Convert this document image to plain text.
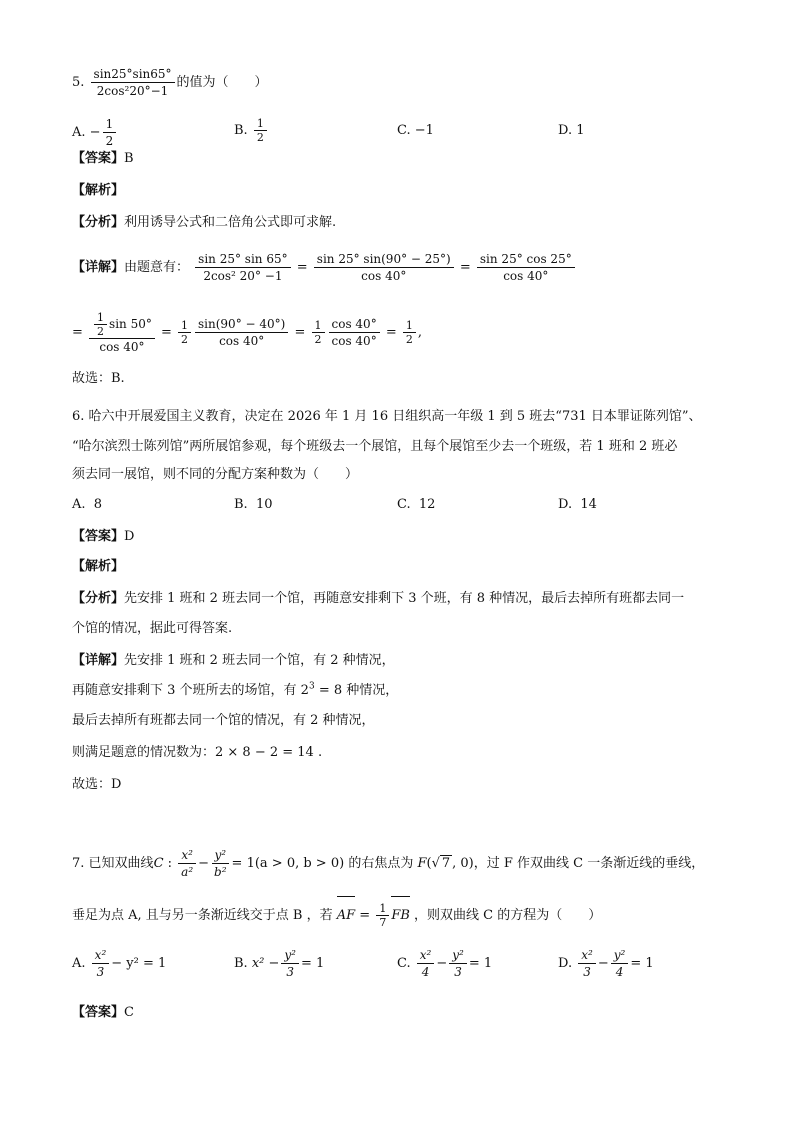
5. $\frac{\sin 25^\circ\sin 65^\circ}{\text{2cos²20°−1}}$ 的值为（　　）
A. − $\frac{1}{2}$	B. $\frac{1}{2}$	C. −1	D. 1
【答案】B
【解析】
【分析】利用诱导公式和二倍角公式即可求解.
【详解】由题意有： $\frac{\sin 25^\circ \sin 65^\circ}{\text{2cos² 20° −1}} = \frac{\sin 25^\circ \sin(90^\circ - 25^\circ)}{\cos 40^\circ} = \frac{\sin 25^\circ \cos 25^\circ}{\cos 40^\circ}$
= $\frac{\frac{1}{2} \sin 50^\circ}{\cos 40^\circ} = \frac{1}{2} \frac{\sin(90^\circ - 40^\circ)}{\cos 40^\circ} = \frac{1}{2} \frac{\cos 40^\circ}{\cos 40^\circ} = \frac{1}{2}$ ,
故选：B.
6. 哈六中开展爱国主义教育，决定在 2026 年 1 月 16 日组织高一年级 1 到 5 班去“731 日本罪证陈列馆”、
“哈尔滨烈士陈列馆”两所展馆参观，每个班级去一个展馆，且每个展馆至少去一个班级，若 1 班和 2 班必
须去同一展馆，则不同的分配方案种数为（　　）
A. 8	B. 10	C. 12	D. 14
【答案】D
【解析】
【分析】先安排 1 班和 2 班去同一个馆，再随意安排剩下 3 个班，有 8 种情况，最后去掉所有班都去同一
个馆的情况，据此可得答案.
【详解】先安排 1 班和 2 班去同一个馆，有 2 种情况，
再随意安排剩下 3 个班所去的场馆，有 $2^3 = 8$ 种情况，
最后去掉所有班都去同一个馆的情况，有 2 种情况，
则满足题意的情况数为：2 × 8 − 2 = 14 .
故选：D
7. 已知双曲线C : $\frac{\text{x²}}{\text{a²}} - \frac{\text{y²}}{\text{b²}} = 1(a > 0$, b > 0) 的右焦点为 F(√ 7 , 0)，过 F 作双曲线 C 一条渐近线的垂线，
垂足为点 A, 且与另一条渐近线交于点 B ，若 AF = $\frac{1}{7}$ FB ，则双曲线 C 的方程为（　　）
A. $\frac{\text{x²}}{3} - y^2 = 1$	B. $x^2 - \frac{\text{y²}}{3} = 1$	C. $\frac{\text{x²}}{4} - \frac{\text{y²}}{3} = 1$	D. $\frac{\text{x²}}{3} - \frac{\text{y²}}{4} = 1$
【答案】C
